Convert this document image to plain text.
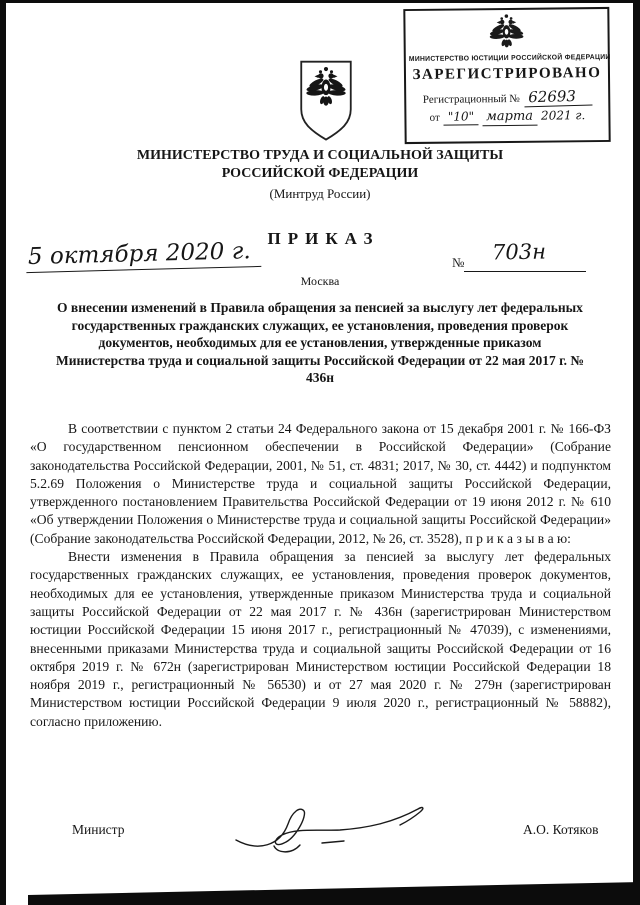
МИНИСТЕРСТВО ЮСТИЦИИ РОССИЙСКОЙ ФЕДЕРАЦИИ
ЗАРЕГИСТРИРОВАНО
Регистрационный № 62693
от "10" марта 2021 г.
МИНИСТЕРСТВО ТРУДА И СОЦИАЛЬНОЙ ЗАЩИТЫ
РОССИЙСКОЙ ФЕДЕРАЦИИ
(Минтруд России)
ПРИКАЗ
5 октября 2020 г.	№ 703н
Москва
О внесении изменений в Правила обращения за пенсией за выслугу лет федеральных государственных гражданских служащих, ее установления, проведения проверок документов, необходимых для ее установления, утвержденные приказом Министерства труда и социальной защиты Российской Федерации от 22 мая 2017 г. № 436н

В соответствии с пунктом 2 статьи 24 Федерального закона от 15 декабря 2001 г. № 166-ФЗ «О государственном пенсионном обеспечении в Российской Федерации» (Собрание законодательства Российской Федерации, 2001, № 51, ст. 4831; 2017, № 30, ст. 4442) и подпунктом 5.2.69 Положения о Министерстве труда и социальной защиты Российской Федерации, утвержденного постановлением Правительства Российской Федерации от 19 июня 2012 г. № 610 «Об утверждении Положения о Министерстве труда и социальной защиты Российской Федерации» (Собрание законодательства Российской Федерации, 2012, № 26, ст. 3528), п р и к а з ы в а ю:

Внести изменения в Правила обращения за пенсией за выслугу лет федеральных государственных гражданских служащих, ее установления, проведения проверок документов, необходимых для ее установления, утвержденные приказом Министерства труда и социальной защиты Российской Федерации от 22 мая 2017 г. № 436н (зарегистрирован Министерством юстиции Российской Федерации 15 июня 2017 г., регистрационный № 47039), с изменениями, внесенными приказами Министерства труда и социальной защиты Российской Федерации от 16 октября 2019 г. № 672н (зарегистрирован Министерством юстиции Российской Федерации 18 ноября 2019 г., регистрационный № 56530) и от 27 мая 2020 г. № 279н (зарегистрирован Министерством юстиции Российской Федерации 9 июля 2020 г., регистрационный № 58882), согласно приложению.

Министр	А.О. Котяков
